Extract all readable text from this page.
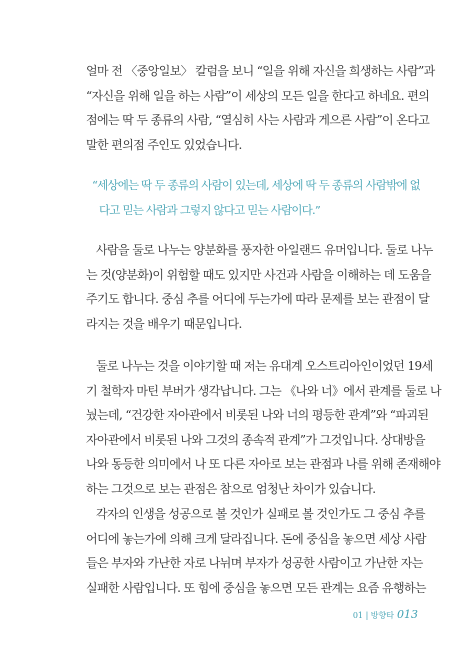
얼마 전 〈중앙일보〉 칼럼을 보니 “일을 위해 자신을 희생하는 사람”과
“자신을 위해 일을 하는 사람”이 세상의 모든 일을 한다고 하네요. 편의
점에는 딱 두 종류의 사람, “열심히 사는 사람과 게으른 사람”이 온다고
말한 편의점 주인도 있었습니다.
“세상에는 딱 두 종류의 사람이 있는데, 세상에 딱 두 종류의 사람밖에 없
다고 믿는 사람과 그렇지 않다고 믿는 사람이다.”
사람을 둘로 나누는 양분화를 풍자한 아일랜드 유머입니다. 둘로 나누
는 것(양분화)이 위험할 때도 있지만 사건과 사람을 이해하는 데 도움을
주기도 합니다. 중심 추를 어디에 두는가에 따라 문제를 보는 관점이 달
라지는 것을 배우기 때문입니다.
둘로 나누는 것을 이야기할 때 저는 유대계 오스트리아인이었던 19세
기 철학자 마틴 부버가 생각납니다. 그는 《나와 너》에서 관계를 둘로 나
눴는데, “건강한 자아관에서 비롯된 나와 너의 평등한 관계”와 “파괴된
자아관에서 비롯된 나와 그것의 종속적 관계”가 그것입니다. 상대방을
나와 동등한 의미에서 나 또 다른 자아로 보는 관점과 나를 위해 존재해야
하는 그것으로 보는 관점은 참으로 엄청난 차이가 있습니다.
각자의 인생을 성공으로 볼 것인가 실패로 볼 것인가도 그 중심 추를
어디에 놓는가에 의해 크게 달라집니다. 돈에 중심을 놓으면 세상 사람
들은 부자와 가난한 자로 나뉘며 부자가 성공한 사람이고 가난한 자는
실패한 사람입니다. 또 힘에 중심을 놓으면 모든 관계는 요즘 유행하는
01 | 방향타 013
